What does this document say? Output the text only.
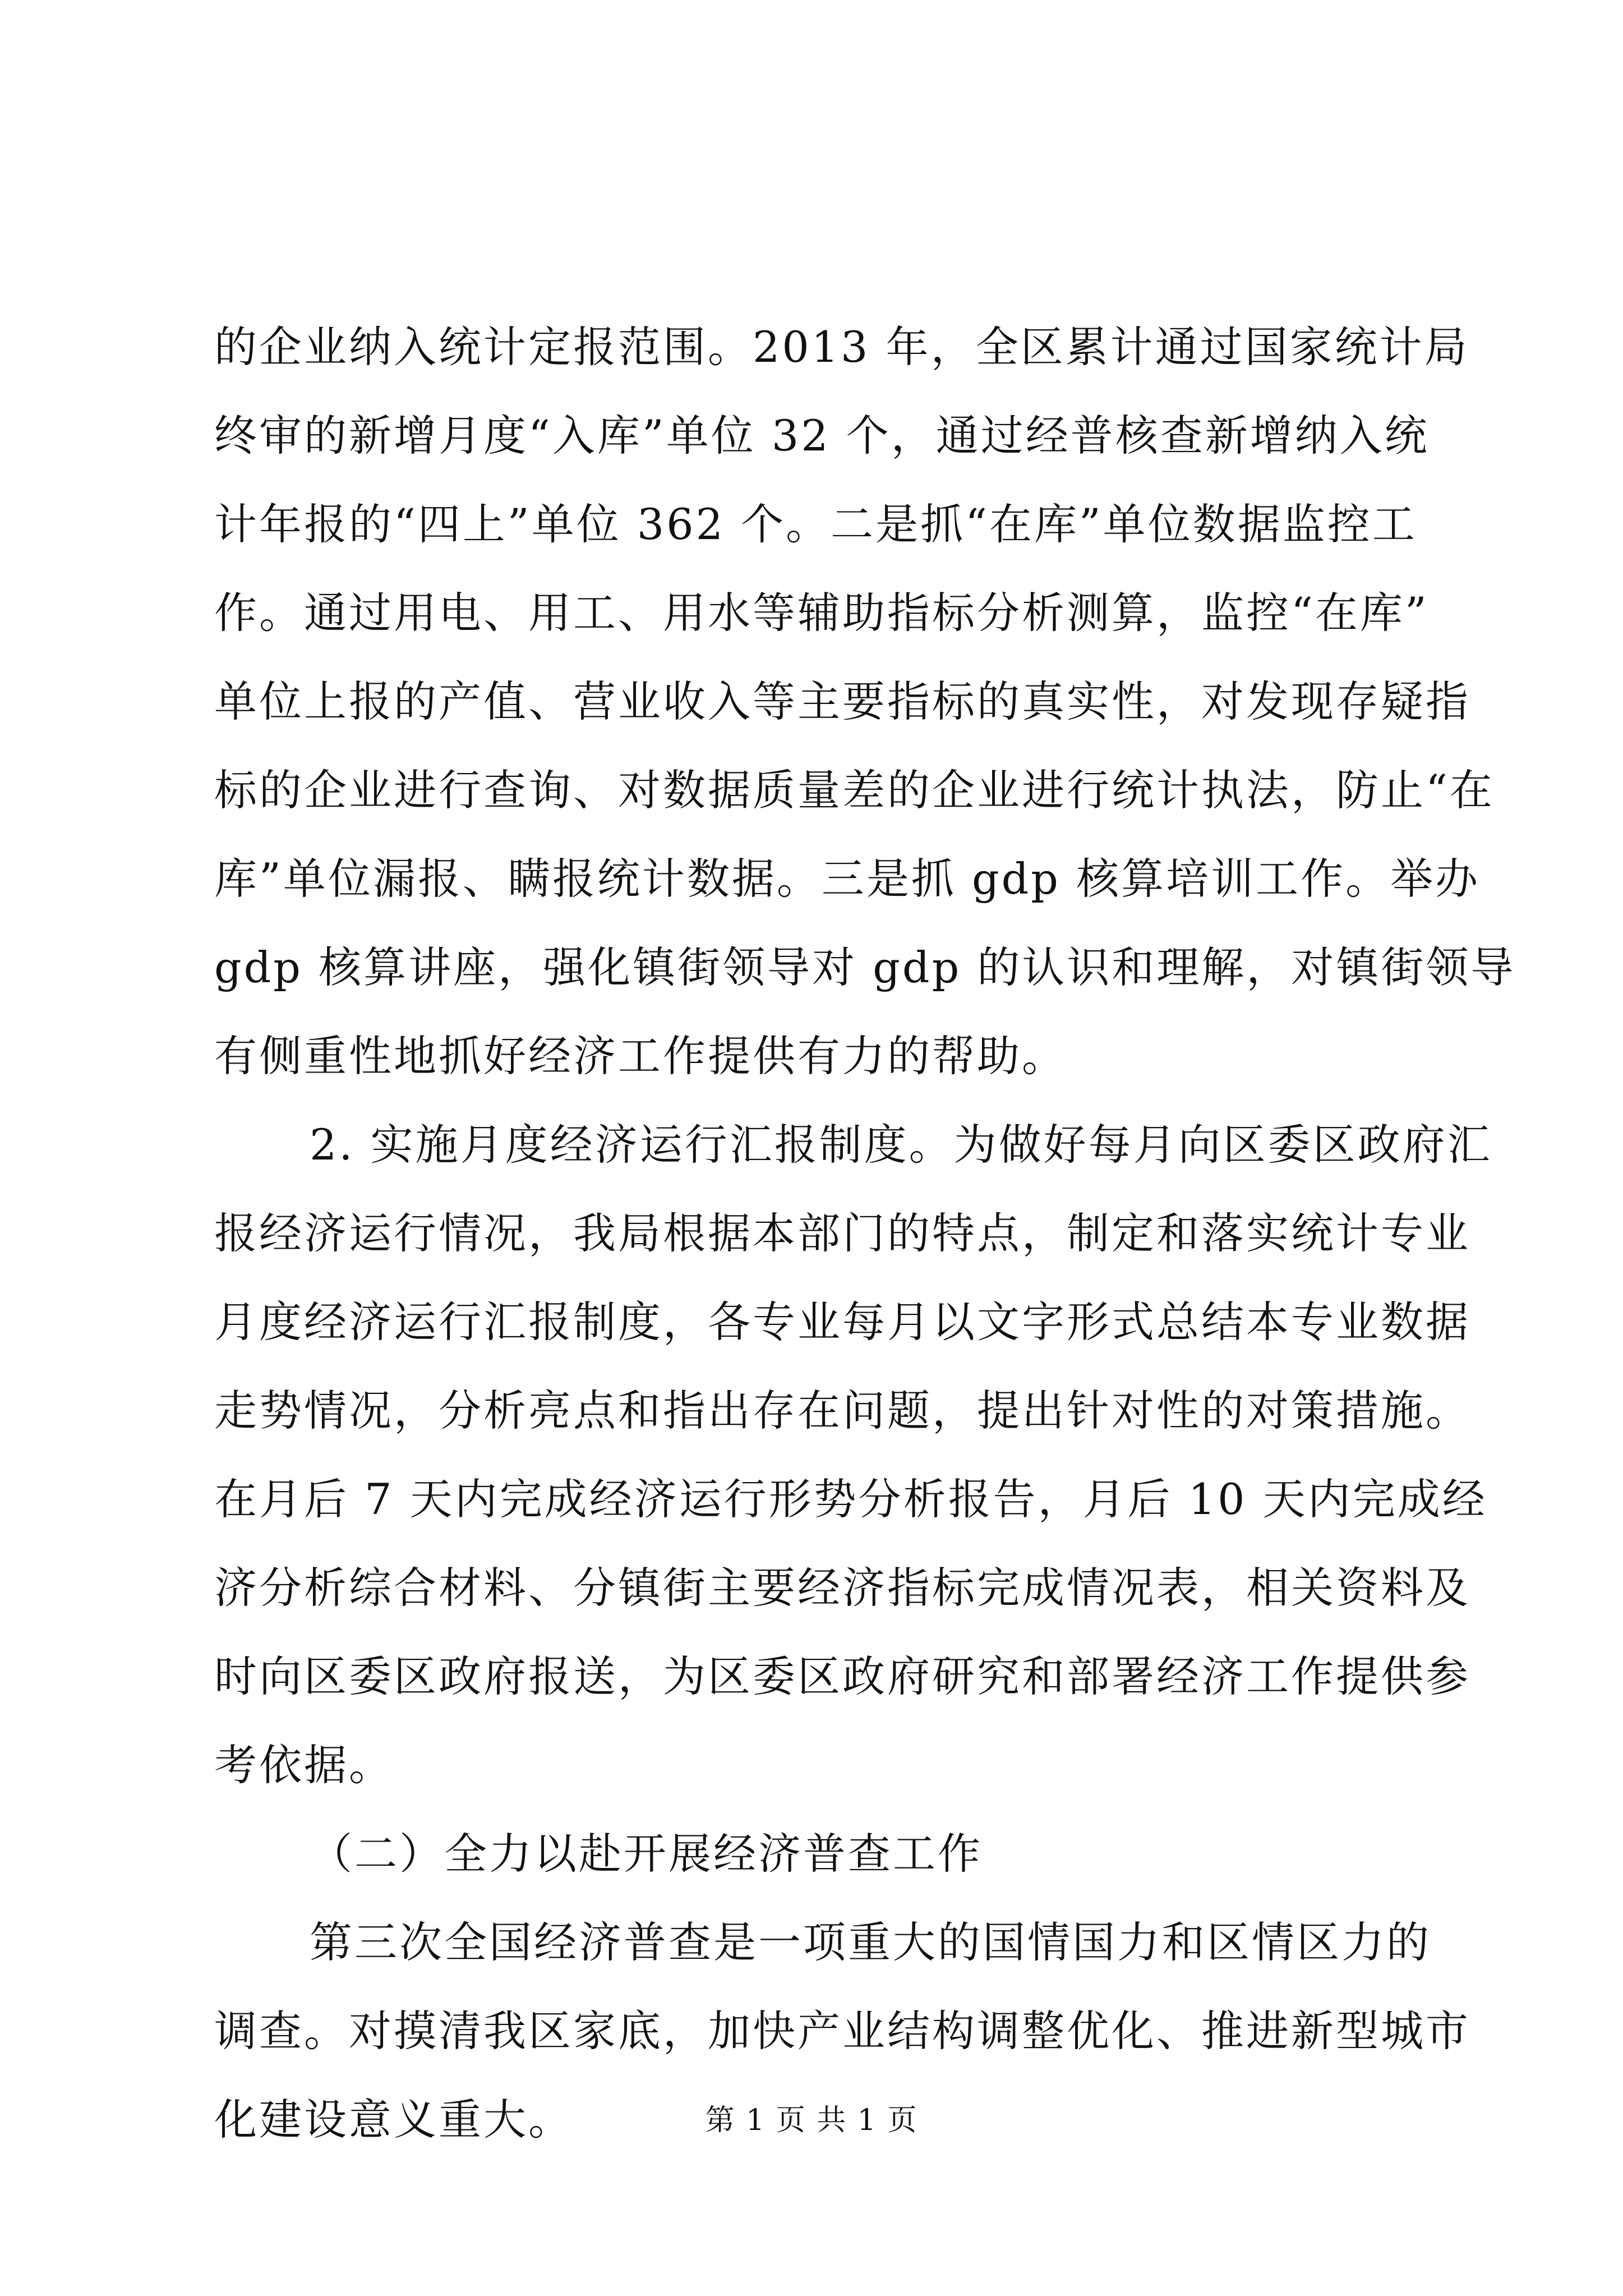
的企业纳入统计定报范围。2013 年，全区累计通过国家统计局
终审的新增月度“入库”单位 32 个，通过经普核查新增纳入统
计年报的“四上”单位 362 个。二是抓“在库”单位数据监控工
作。通过用电、用工、用水等辅助指标分析测算，监控“在库”
单位上报的产值、营业收入等主要指标的真实性，对发现存疑指
标的企业进行查询、对数据质量差的企业进行统计执法，防止“在
库”单位漏报、瞒报统计数据。三是抓 gdp 核算培训工作。举办
gdp 核算讲座，强化镇街领导对 gdp 的认识和理解，对镇街领导
有侧重性地抓好经济工作提供有力的帮助。
2. 实施月度经济运行汇报制度。为做好每月向区委区政府汇
报经济运行情况，我局根据本部门的特点，制定和落实统计专业
月度经济运行汇报制度，各专业每月以文字形式总结本专业数据
走势情况，分析亮点和指出存在问题，提出针对性的对策措施。
在月后 7 天内完成经济运行形势分析报告，月后 10 天内完成经
济分析综合材料、分镇街主要经济指标完成情况表，相关资料及
时向区委区政府报送，为区委区政府研究和部署经济工作提供参
考依据。
（二）全力以赴开展经济普查工作
第三次全国经济普查是一项重大的国情国力和区情区力的
调查。对摸清我区家底，加快产业结构调整优化、推进新型城市
化建设意义重大。	第 1 页 共 1 页
